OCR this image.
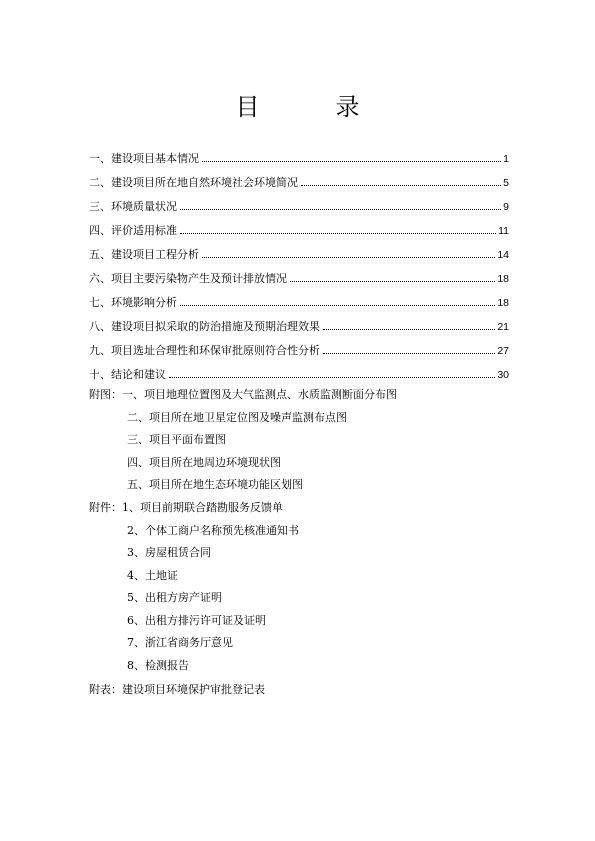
目　录
一、建设项目基本情况	1
二、建设项目所在地自然环境社会环境简况	5
三、环境质量状况	9
四、评价适用标准	11
五、建设项目工程分析	14
六、项目主要污染物产生及预计排放情况	18
七、环境影响分析	18
八、建设项目拟采取的防治措施及预期治理效果	21
九、项目选址合理性和环保审批原则符合性分析	27
十、结论和建议	30
附图：一、项目地理位置图及大气监测点、水质监测断面分布图
二、项目所在地卫星定位图及噪声监测布点图
三、项目平面布置图
四、项目所在地周边环境现状图
五、项目所在地生态环境功能区划图
附件：1、项目前期联合踏勘服务反馈单
2、个体工商户名称预先核准通知书
3、房屋租赁合同
4、土地证
5、出租方房产证明
6、出租方排污许可证及证明
7、浙江省商务厅意见
8、检测报告
附表：建设项目环境保护审批登记表
